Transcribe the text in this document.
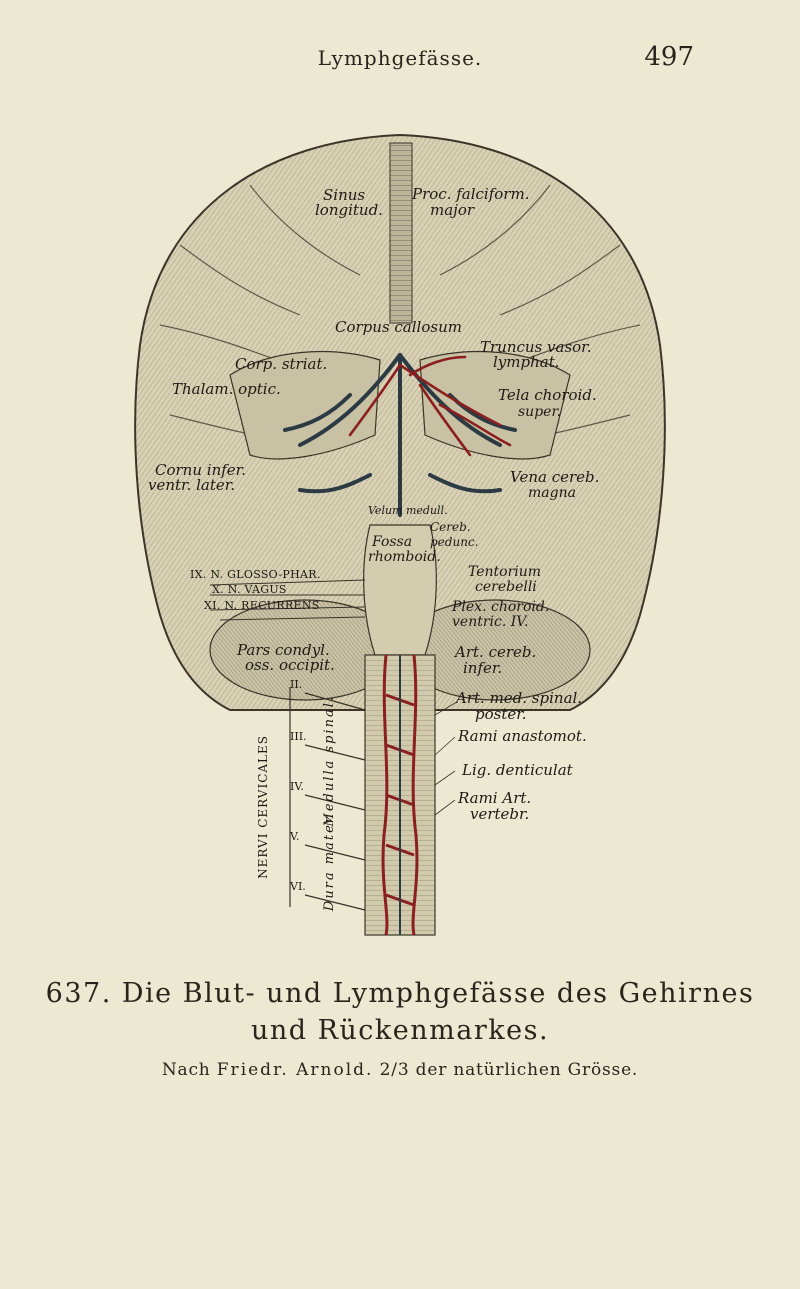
Lymphgefässe.	497
Sinus
longitud.
Proc. falciform.
major
Corpus callosum
Truncus vasor.
lymphat.
Corp. striat.
Thalam. optic.	Tela choroid.
super.
Cornu infer.
ventr. later.	Vena cereb.
magna
Velum medull.
Fossa
rhomboid.
Cereb.
pedunc.
Tentorium
cerebelli
Plex. choroid.
ventric. IV.
IX. N. GLOSSO-PHAR.
X. N. VAGUS
XI. N. RECURRENS
Pars condyl.
oss. occipit.
Art. cereb.
infer.
Art. med. spinal.
poster.
Rami anastomot.
Lig. denticulat
Rami Art.
vertebr.
NERVI CERVICALES
II.
III.
IV.
V.
VI.
Medulla spinal.
Dura mater
637. Die Blut- und Lymphgefässe des Gehirnes
und Rückenmarkes.
Nach Friedr. Arnold. 2/3 der natürlichen Grösse.
